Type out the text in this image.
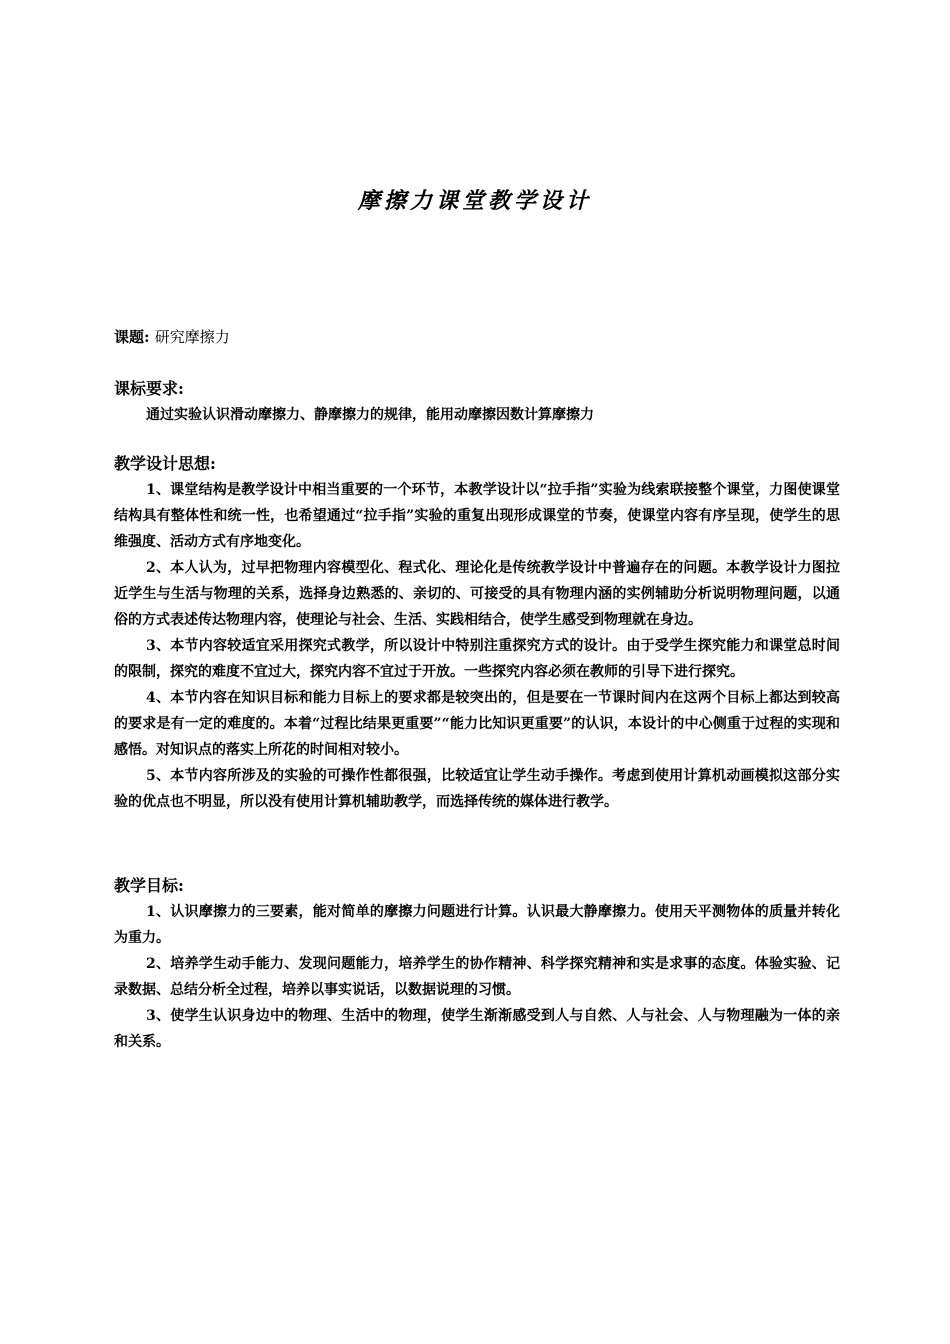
摩擦力课堂教学设计
课题: 研究摩擦力
课标要求:
通过实验认识滑动摩擦力、静摩擦力的规律，能用动摩擦因数计算摩擦力
教学设计思想:

1、课堂结构是教学设计中相当重要的一个环节，本教学设计以“拉手指”实验为线索联接整个课堂，力图使课堂结构具有整体性和统一性，也希望通过“拉手指”实验的重复出现形成课堂的节奏，使课堂内容有序呈现，使学生的思维强度、活动方式有序地变化。

2、本人认为，过早把物理内容模型化、程式化、理论化是传统教学设计中普遍存在的问题。本教学设计力图拉近学生与生活与物理的关系，选择身边熟悉的、亲切的、可接受的具有物理内涵的实例辅助分析说明物理问题，以通俗的方式表述传达物理内容，使理论与社会、生活、实践相结合，使学生感受到物理就在身边。

3、本节内容较适宜采用探究式教学，所以设计中特别注重探究方式的设计。由于受学生探究能力和课堂总时间的限制，探究的难度不宜过大，探究内容不宜过于开放。一些探究内容必须在教师的引导下进行探究。

4、本节内容在知识目标和能力目标上的要求都是较突出的，但是要在一节课时间内在这两个目标上都达到较高的要求是有一定的难度的。本着“过程比结果更重要”“能力比知识更重要”的认识，本设计的中心侧重于过程的实现和感悟。对知识点的落实上所花的时间相对较小。

5、本节内容所涉及的实验的可操作性都很强，比较适宜让学生动手操作。考虑到使用计算机动画模拟这部分实验的优点也不明显，所以没有使用计算机辅助教学，而选择传统的媒体进行教学。

教学目标:

1、认识摩擦力的三要素，能对简单的摩擦力问题进行计算。认识最大静摩擦力。使用天平测物体的质量并转化为重力。

2、培养学生动手能力、发现问题能力，培养学生的协作精神、科学探究精神和实是求事的态度。体验实验、记录数据、总结分析全过程，培养以事实说话，以数据说理的习惯。

3、使学生认识身边中的物理、生活中的物理，使学生渐渐感受到人与自然、人与社会、人与物理融为一体的亲和关系。
